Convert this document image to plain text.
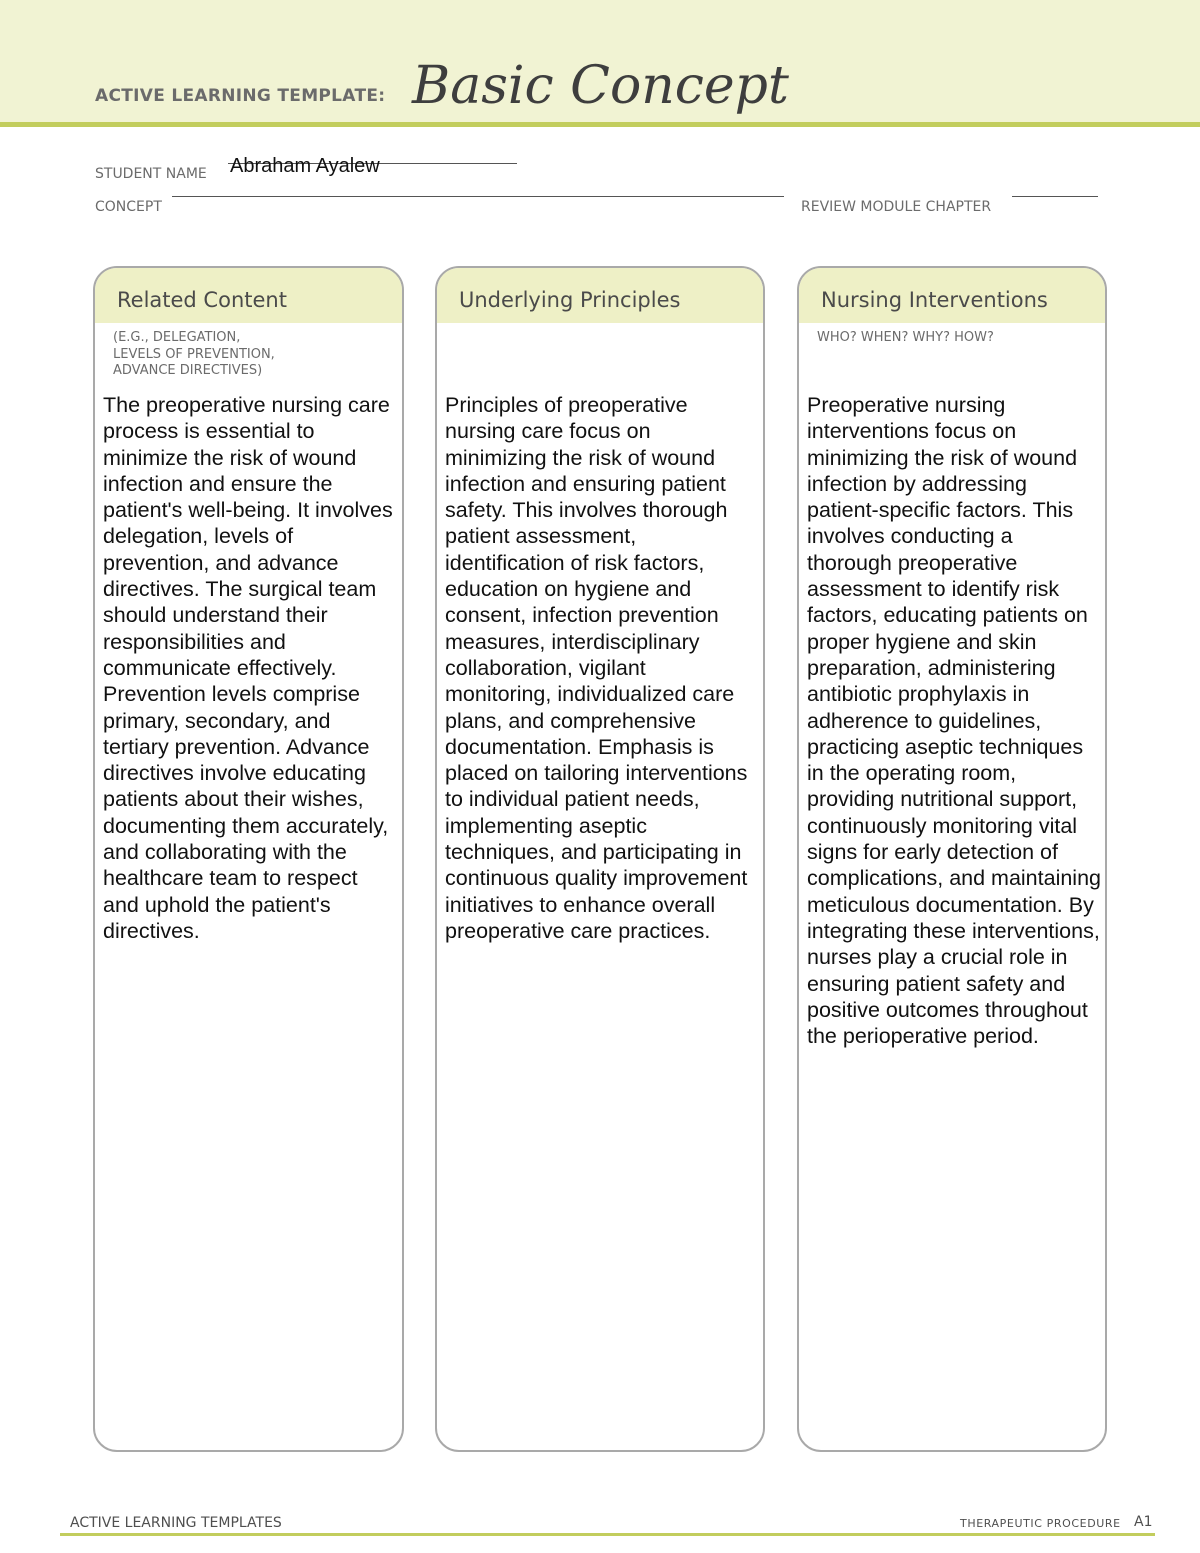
ACTIVE LEARNING TEMPLATE: Basic Concept
STUDENT NAME Abraham Ayalew
CONCEPT	REVIEW MODULE CHAPTER
Related Content
(E.G., DELEGATION,
LEVELS OF PREVENTION,
ADVANCE DIRECTIVES)
The preoperative nursing care process is essential to minimize the risk of wound infection and ensure the patient's well-being. It involves delegation, levels of prevention, and advance directives. The surgical team should understand their responsibilities and communicate effectively. Prevention levels comprise primary, secondary, and tertiary prevention. Advance directives involve educating patients about their wishes, documenting them accurately, and collaborating with the healthcare team to respect and uphold the patient's directives.
Underlying Principles
Principles of preoperative nursing care focus on minimizing the risk of wound infection and ensuring patient safety. This involves thorough patient assessment, identification of risk factors, education on hygiene and consent, infection prevention measures, interdisciplinary collaboration, vigilant monitoring, individualized care plans, and comprehensive documentation. Emphasis is placed on tailoring interventions to individual patient needs, implementing aseptic techniques, and participating in continuous quality improvement initiatives to enhance overall preoperative care practices.
Nursing Interventions
WHO? WHEN? WHY? HOW?
Preoperative nursing interventions focus on minimizing the risk of wound infection by addressing patient-specific factors. This involves conducting a thorough preoperative assessment to identify risk factors, educating patients on proper hygiene and skin preparation, administering antibiotic prophylaxis in adherence to guidelines, practicing aseptic techniques in the operating room, providing nutritional support, continuously monitoring vital signs for early detection of complications, and maintaining meticulous documentation. By integrating these interventions, nurses play a crucial role in ensuring patient safety and positive outcomes throughout the perioperative period.
ACTIVE LEARNING TEMPLATES	THERAPEUTIC PROCEDURE A1
